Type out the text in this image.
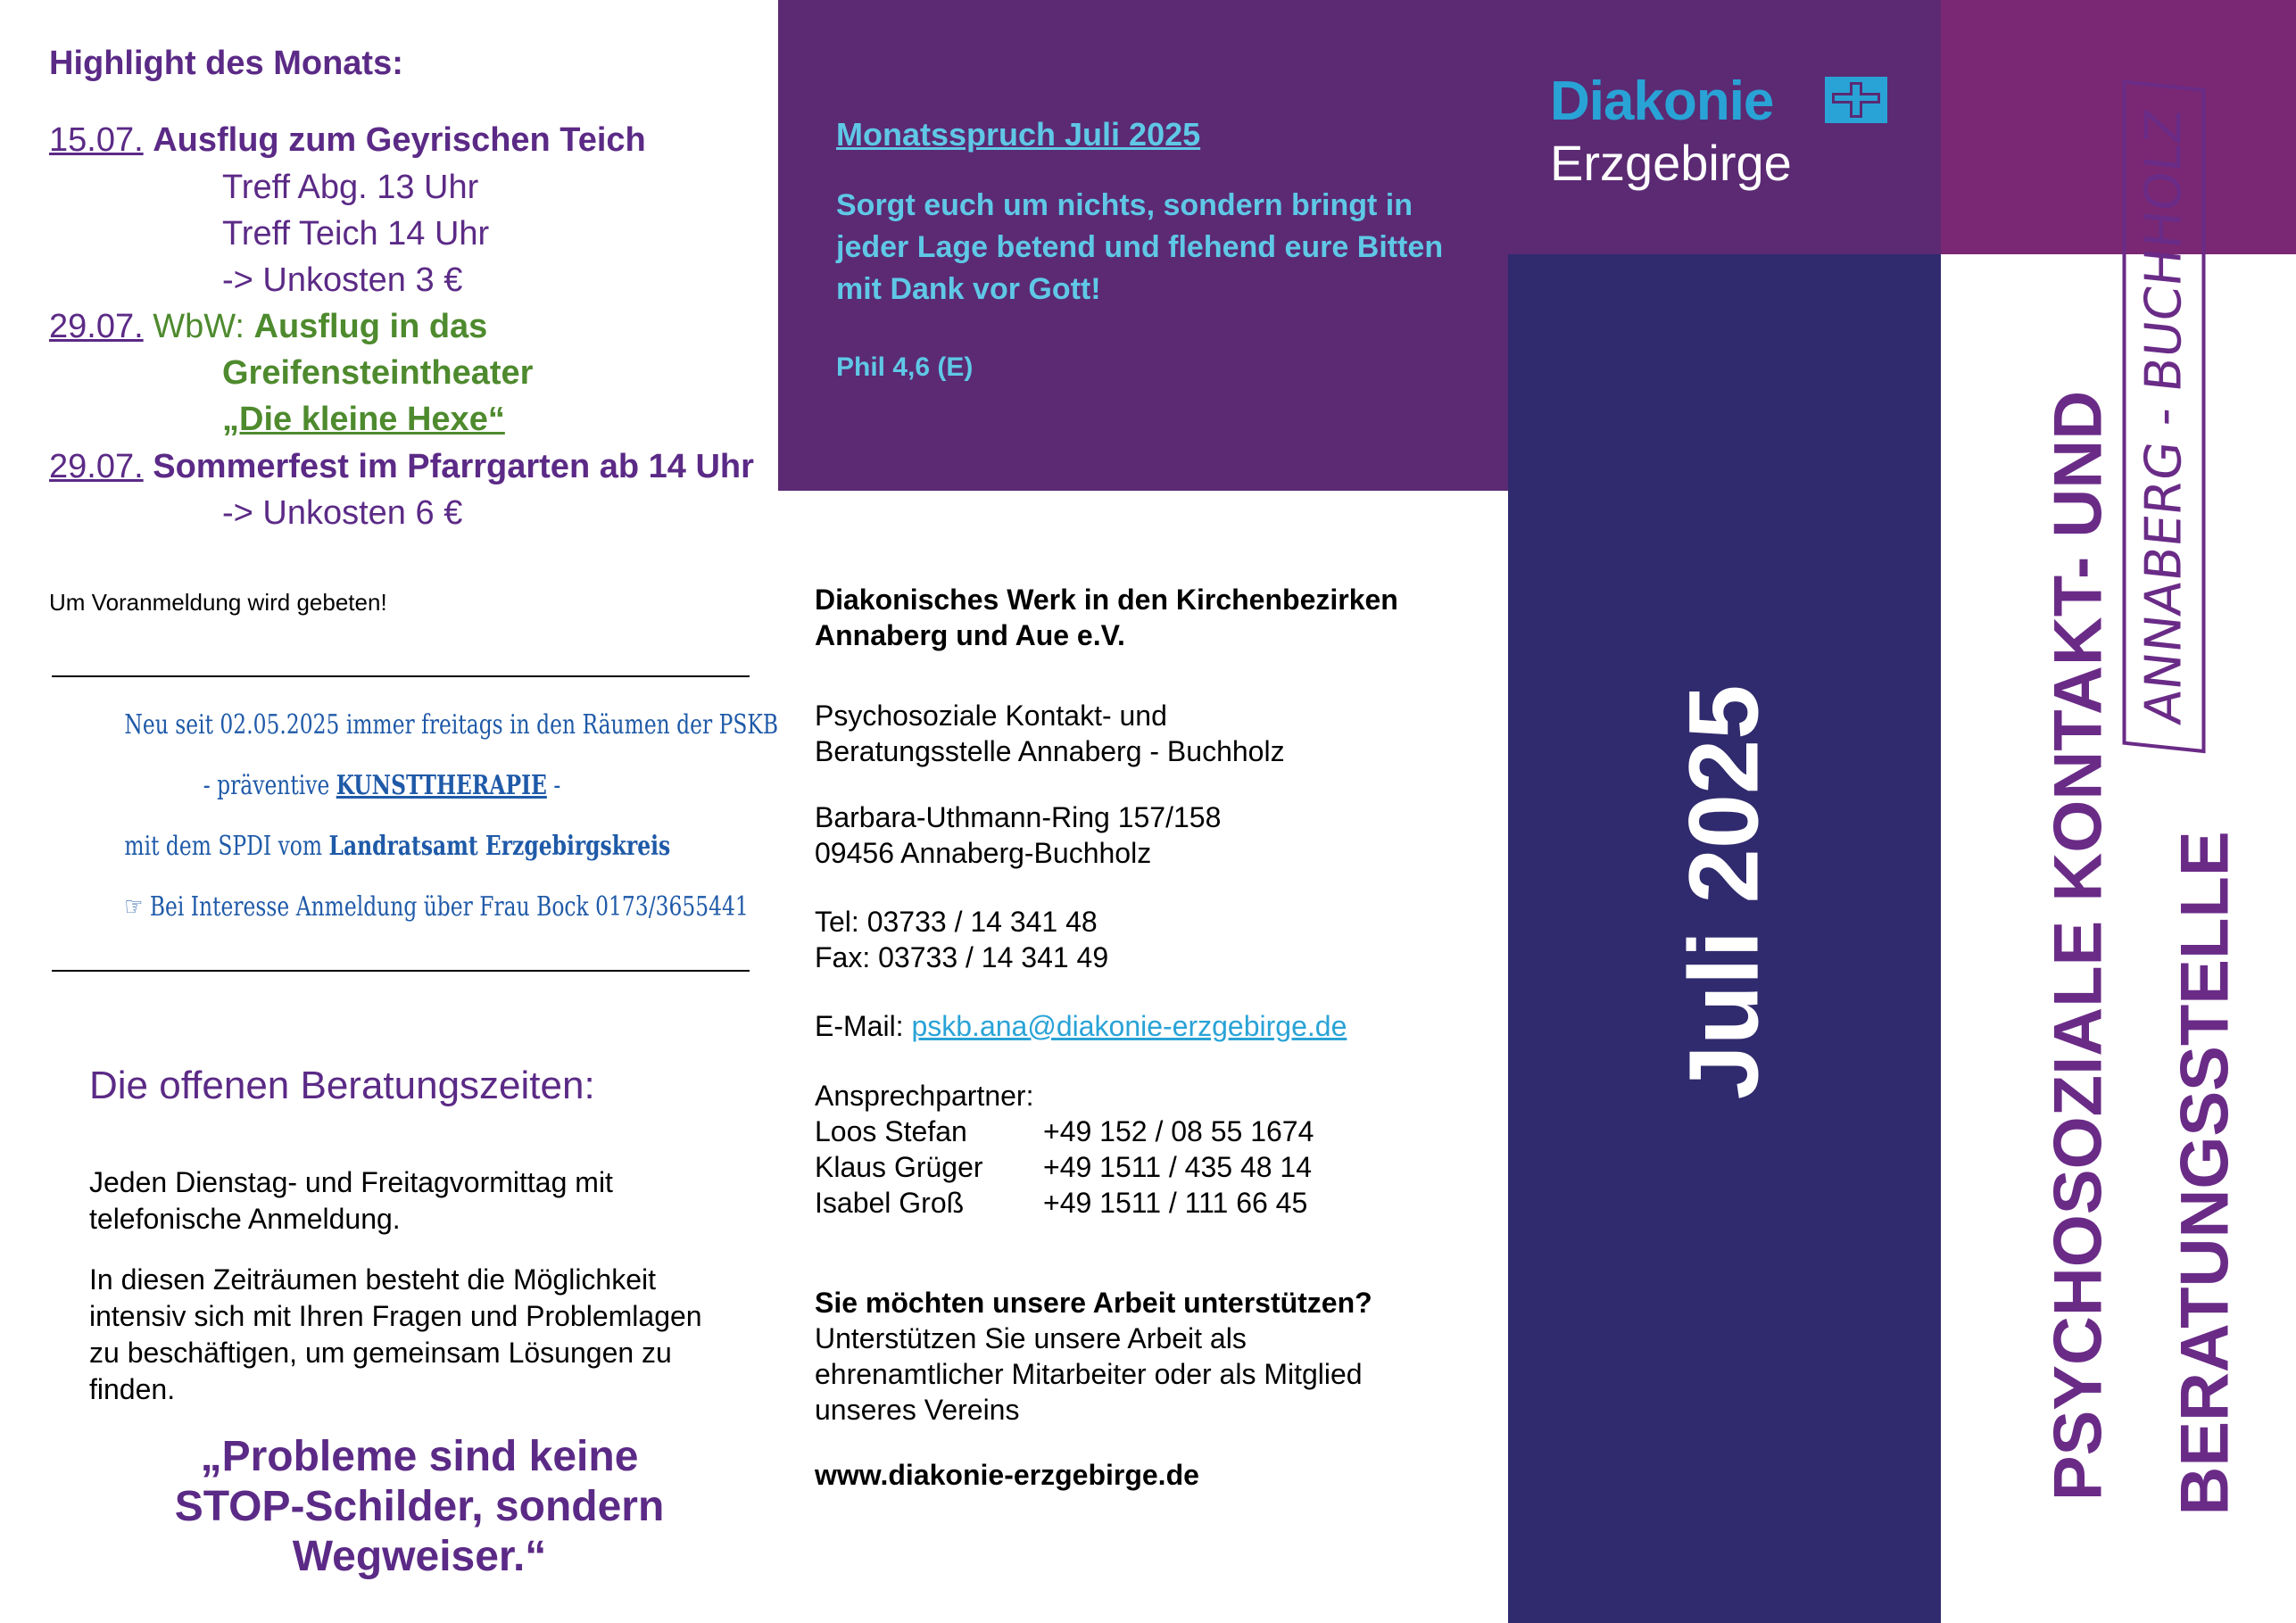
Highlight des Monats:
15.07. Ausflug zum Geyrischen Teich
Treff Abg. 13 Uhr
Treff Teich 14 Uhr
-> Unkosten 3 €
29.07. WbW: Ausflug in das
Greifensteintheater
„Die kleine Hexe“
29.07. Sommerfest im Pfarrgarten ab 14 Uhr
-> Unkosten 6 €
Um Voranmeldung wird gebeten!
Neu seit 02.05.2025 immer freitags in den Räumen der PSKB
- präventive KUNSTTHERAPIE -
mit dem SPDI vom Landratsamt Erzgebirgskreis
☞ Bei Interesse Anmeldung über Frau Bock 0173/3655441
Die offenen Beratungszeiten:
Jeden Dienstag- und Freitagvormittag mit telefonische Anmeldung.
In diesen Zeiträumen besteht die Möglichkeit intensiv sich mit Ihren Fragen und Problemlagen zu beschäftigen, um gemeinsam Lösungen zu finden.
„Probleme sind keine
STOP-Schilder, sondern
Wegweiser.“
Monatsspruch Juli 2025
Sorgt euch um nichts, sondern bringt in jeder Lage betend und flehend eure Bitten mit Dank vor Gott!
Phil 4,6 (E)
Diakonisches Werk in den Kirchenbezirken
Annaberg und Aue e.V.
Psychosoziale Kontakt- und
Beratungsstelle Annaberg - Buchholz
Barbara-Uthmann-Ring 157/158
09456 Annaberg-Buchholz
Tel: 03733 / 14 341 48
Fax: 03733 / 14 341 49
E-Mail: pskb.ana@diakonie-erzgebirge.de
Ansprechpartner:
Loos Stefan	+49 152 / 08 55 1674
Klaus Grüger +49 1511 / 435 48 14
Isabel Groß	+49 1511 / 111 66 45
Sie möchten unsere Arbeit unterstützen?
Unterstützen Sie unsere Arbeit als
ehrenamtlicher Mitarbeiter oder als Mitglied
unseres Vereins
www.diakonie-erzgebirge.de
Diakonie
Erzgebirge
Juli 2025	PSYCHOSOZIALE KONTAKT- UND BERATUNGSSTELLE
ANNABERG - BUCHHOLZ
